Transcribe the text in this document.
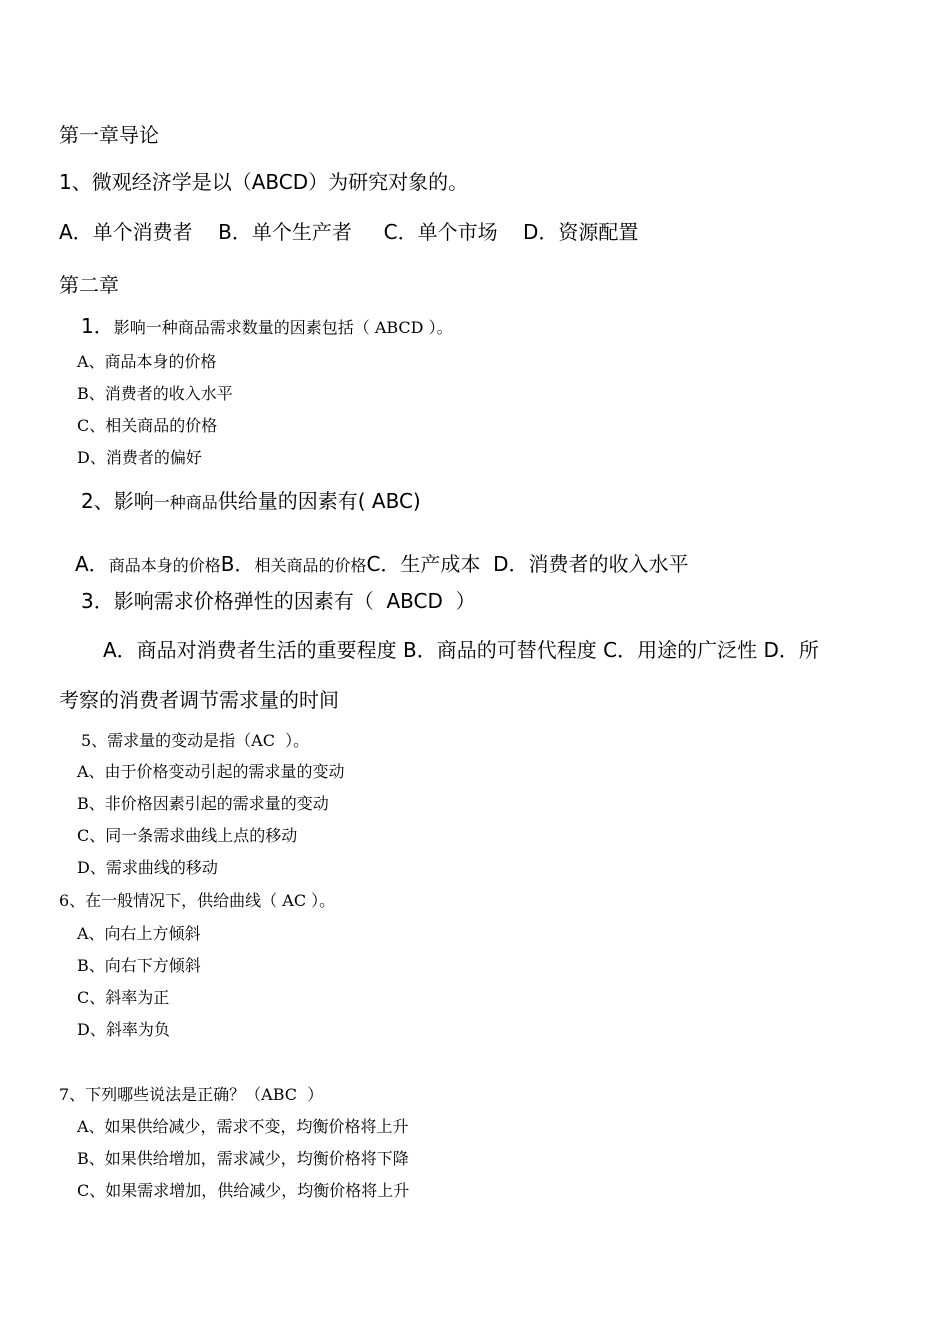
第一章导论
1、微观经济学是以（ABCD）为研究对象的。
A．单个消费者    B．单个生产者     C．单个市场    D．资源配置
第二章
1．影响一种商品需求数量的因素包括（ ABCD ）。
A、商品本身的价格
B、消费者的收入水平
C、相关商品的价格
D、消费者的偏好
2、影响一种商品供给量的因素有( ABC)

A．商品本身的价格B．相关商品的价格C．生产成本  D．消费者的收入水平

3．影响需求价格弹性的因素有（  ABCD  ）
A．商品对消费者生活的重要程度 B．商品的可替代程度 C．用途的广泛性 D．所
考察的消费者调节需求量的时间
5、需求量的变动是指（AC  ）。
A、由于价格变动引起的需求量的变动
B、非价格因素引起的需求量的变动
C、同一条需求曲线上点的移动
D、需求曲线的移动
6、在一般情况下，供给曲线（ AC ）。
A、向右上方倾斜
B、向右下方倾斜
C、斜率为正
D、斜率为负
7、下列哪些说法是正确？（ABC  ）
A、如果供给减少，需求不变，均衡价格将上升
B、如果供给增加，需求减少，均衡价格将下降
C、如果需求增加，供给减少，均衡价格将上升
